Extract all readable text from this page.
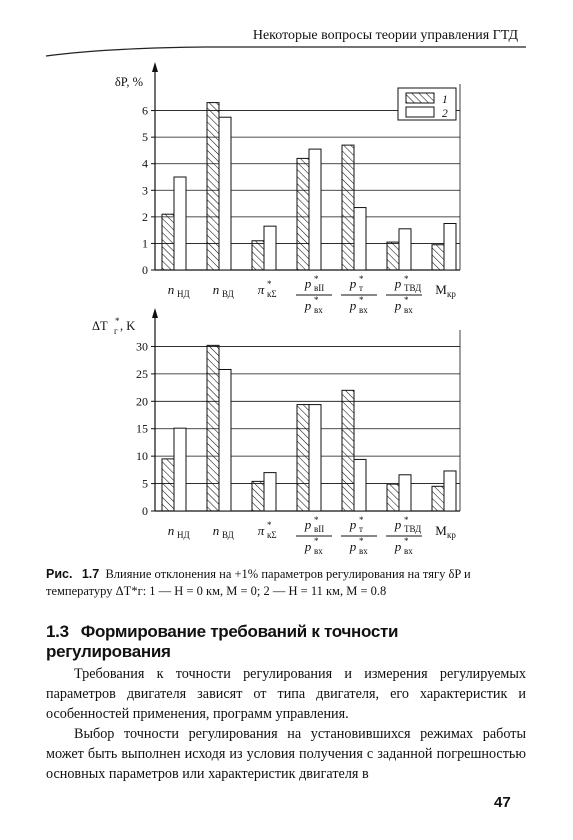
Некоторые вопросы теории управления ГТД
0
1
2
3
4
5
6
δP, %
n НД n ВД π *
кΣ
p *
вII
p *
вх
p *
т
p *
вх
p *
ТВД
p *
вх
M кр
1
2
0
5
10
15
20
25
30
ΔT *
г , K
n НД n ВД π *
кΣ
p *
вII
p *
вх
p *
т
p *
вх
p *
ТВД
p *
вх
M кр
Рис. 1.7 Влияние отклонения на +1% параметров регулирования на тягу δP и температуру ΔT*г: 1 — H = 0 км, M = 0; 2 — H = 11 км, M = 0.8
1.3 Формирование требований к точности регулирования
Требования к точности регулирования и измерения регулируемых параметров двигателя зависят от типа двигателя, его характеристик и особенностей применения, программ управления.
Выбор точности регулирования на установившихся режимах работы может быть выполнен исходя из условия получения с заданной погрешностью основных параметров или характеристик двигателя в
47
